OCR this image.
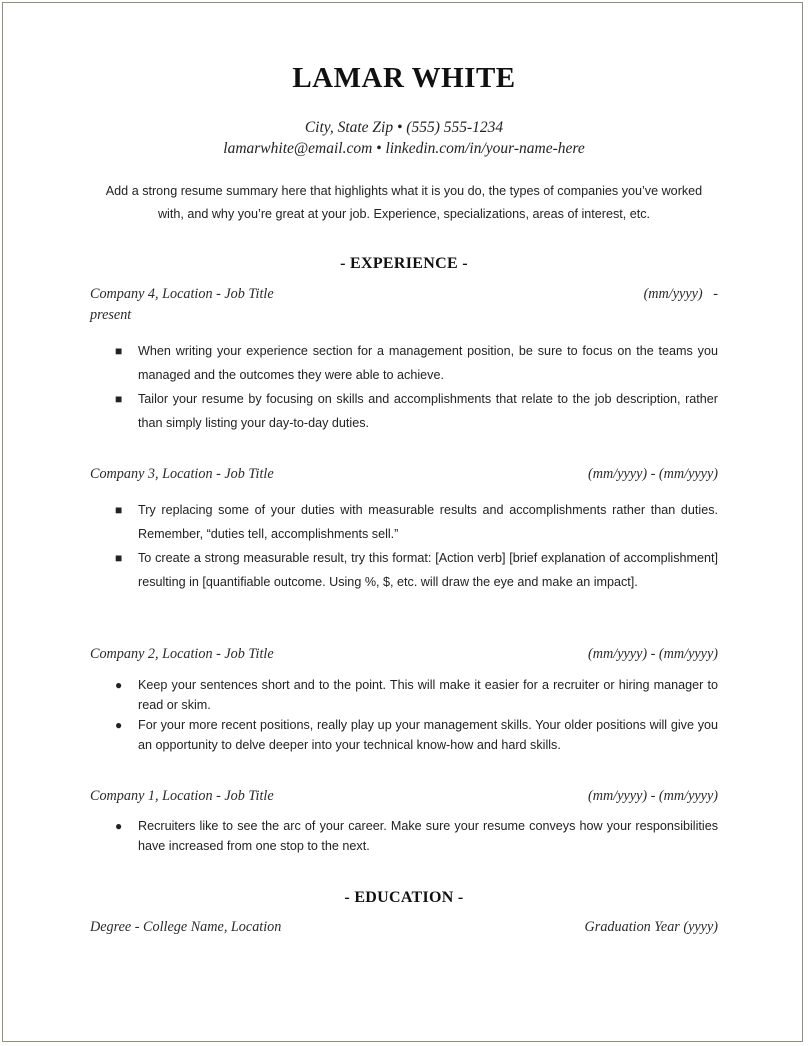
LAMAR WHITE
City, State Zip • (555) 555-1234
lamarwhite@email.com • linkedin.com/in/your-name-here
Add a strong resume summary here that highlights what it is you do, the types of companies you’ve worked with, and why you’re great at your job. Experience, specializations, areas of interest, etc.
- EXPERIENCE -
Company 4, Location - Job Title	(mm/yyyy)   -
present
■ When writing your experience section for a management position, be sure to focus on the teams you managed and the outcomes they were able to achieve.
■ Tailor your resume by focusing on skills and accomplishments that relate to the job description, rather than simply listing your day-to-day duties.
Company 3, Location - Job Title	(mm/yyyy) - (mm/yyyy)
■ Try replacing some of your duties with measurable results and accomplishments rather than duties. Remember, “duties tell, accomplishments sell.”
■ To create a strong measurable result, try this format: [Action verb] [brief explanation of accomplishment] resulting in [quantifiable outcome. Using %, $, etc. will draw the eye and make an impact].
Company 2, Location - Job Title	(mm/yyyy) - (mm/yyyy)
● Keep your sentences short and to the point. This will make it easier for a recruiter or hiring manager to read or skim.
● For your more recent positions, really play up your management skills. Your older positions will give you an opportunity to delve deeper into your technical know-how and hard skills.
Company 1, Location - Job Title	(mm/yyyy) - (mm/yyyy)
● Recruiters like to see the arc of your career. Make sure your resume conveys how your responsibilities have increased from one stop to the next.
- EDUCATION -
Degree - College Name, Location	Graduation Year (yyyy)
